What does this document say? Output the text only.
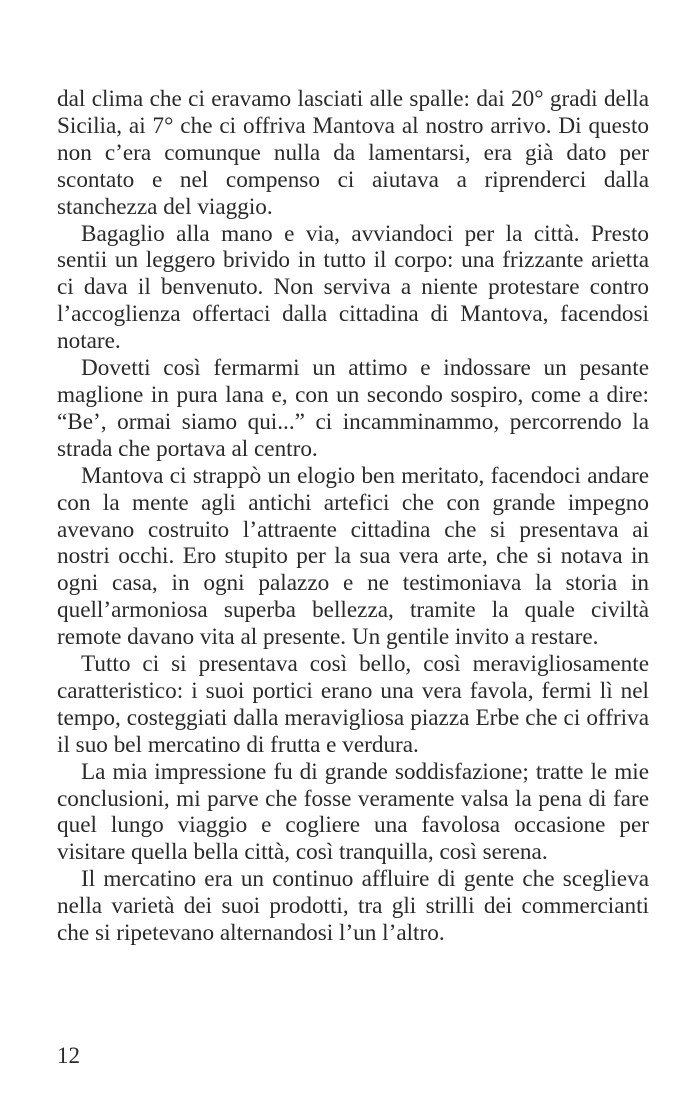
dal clima che ci eravamo lasciati alle spalle: dai 20° gradi della Sicilia, ai 7° che ci offriva Mantova al nostro arrivo. Di questo non c’era comunque nulla da lamentarsi, era già dato per scontato e nel compenso ci aiutava a riprenderci dalla stanchezza del viaggio.

Bagaglio alla mano e via, avviandoci per la città. Presto sentii un leggero brivido in tutto il corpo: una frizzante arietta ci dava il benvenuto. Non serviva a niente protestare contro l’accoglienza offertaci dalla cittadina di Mantova, facendosi notare.

Dovetti così fermarmi un attimo e indossare un pesante maglione in pura lana e, con un secondo sospiro, come a dire: “Be’, ormai siamo qui...” ci incamminammo, percorrendo la strada che portava al centro.

Mantova ci strappò un elogio ben meritato, facendoci andare con la mente agli antichi artefici che con grande impegno avevano costruito l’attraente cittadina che si presentava ai nostri occhi. Ero stupito per la sua vera arte, che si notava in ogni casa, in ogni palazzo e ne testimoniava la storia in quell’armoniosa superba bellezza, tramite la quale civiltà remote davano vita al presente. Un gentile invito a restare.

Tutto ci si presentava così bello, così meravigliosamente caratteristico: i suoi portici erano una vera favola, fermi lì nel tempo, costeggiati dalla meravigliosa piazza Erbe che ci offriva il suo bel mercatino di frutta e verdura.

La mia impressione fu di grande soddisfazione; tratte le mie conclusioni, mi parve che fosse veramente valsa la pena di fare quel lungo viaggio e cogliere una favolosa occasione per visitare quella bella città, così tranquilla, così serena.

Il mercatino era un continuo affluire di gente che sceglieva nella varietà dei suoi prodotti, tra gli strilli dei commercianti che si ripetevano alternandosi l’un l’altro.

12
